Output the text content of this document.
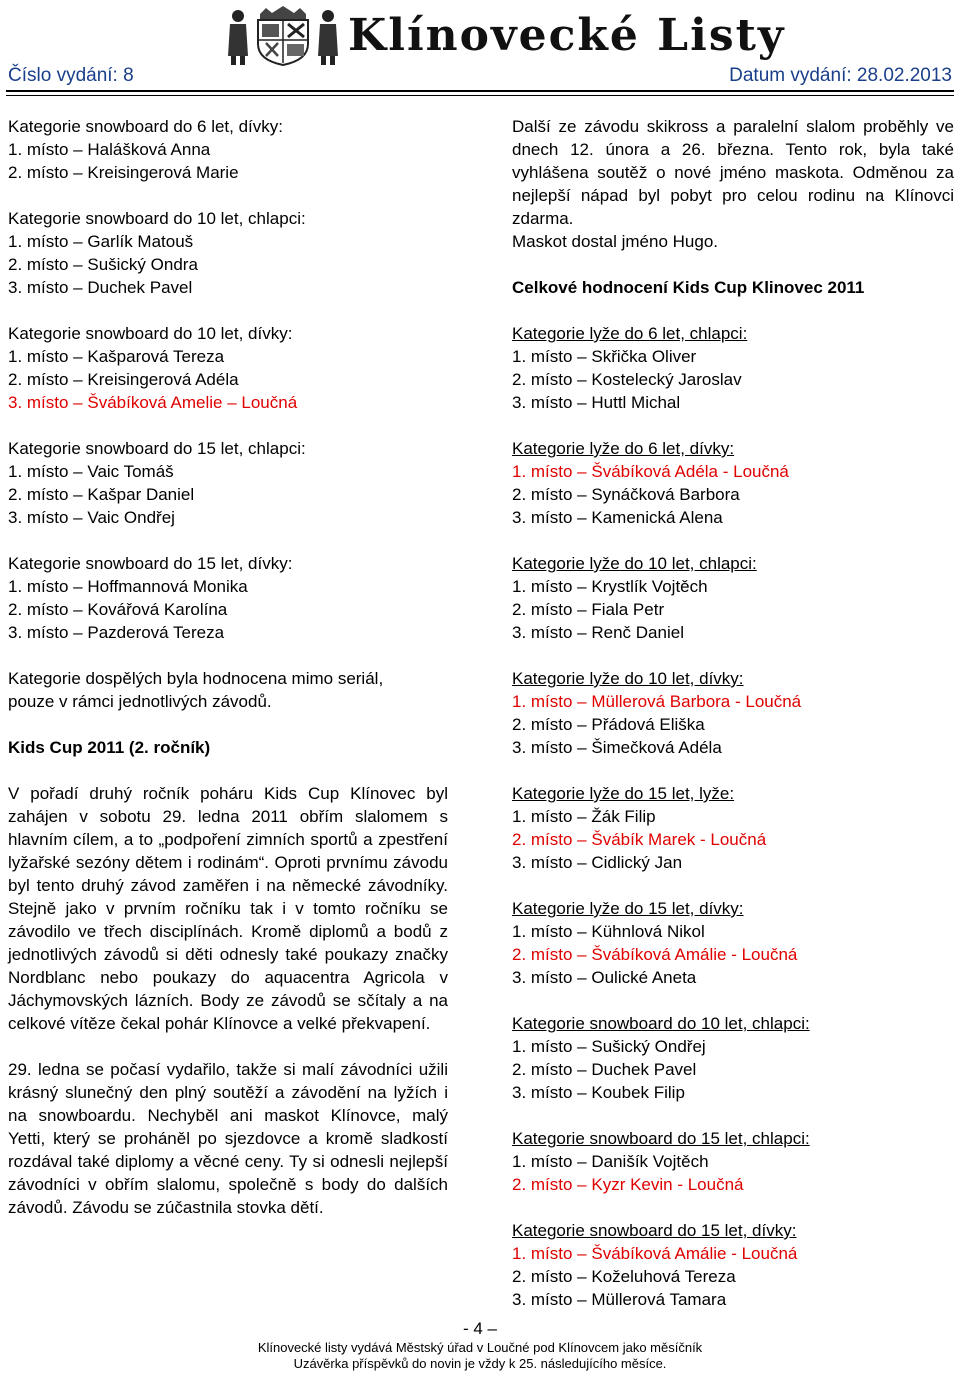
Klínovecké Listy
Číslo vydání: 8	Datum vydání: 28.02.2013
Kategorie snowboard do 6 let, dívky:
1. místo – Halášková Anna
2. místo – Kreisingerová Marie
Kategorie snowboard do 10 let, chlapci:
1. místo – Garlík Matouš
2. místo – Sušický Ondra
3. místo – Duchek Pavel
Kategorie snowboard do 10 let, dívky:
1. místo – Kašparová Tereza
2. místo – Kreisingerová Adéla
3. místo – Švábíková Amelie – Loučná
Kategorie snowboard do 15 let, chlapci:
1. místo – Vaic Tomáš
2. místo – Kašpar Daniel
3. místo – Vaic Ondřej
Kategorie snowboard do 15 let, dívky:
1. místo – Hoffmannová Monika
2. místo – Kovářová Karolína
3. místo – Pazderová Tereza
Kategorie dospělých byla hodnocena mimo seriál,
pouze v rámci jednotlivých závodů.
Kids Cup 2011 (2. ročník)
V pořadí druhý ročník poháru Kids Cup Klínovec byl zahájen v sobotu 29. ledna 2011 obřím slalomem s hlavním cílem, a to „podpoření zimních sportů a zpestření lyžařské sezóny dětem i rodinám“. Oproti prvnímu závodu byl tento druhý závod zaměřen i na německé závodníky. Stejně jako v prvním ročníku tak i v tomto ročníku se závodilo ve třech disciplínách. Kromě diplomů a bodů z jednotlivých závodů si děti odnesly také poukazy značky Nordblanc nebo poukazy do aquacentra Agricola v Jáchymovských lázních. Body ze závodů se sčítaly a na celkové vítěze čekal pohár Klínovce a velké překvapení.
29. ledna se počasí vydařilo, takže si malí závodníci užili krásný slunečný den plný soutěží a závodění na lyžích i na snowboardu. Nechyběl ani maskot Klínovce, malý Yetti, který se proháněl po sjezdovce a kromě sladkostí rozdával také diplomy a věcné ceny. Ty si odnesli nejlepší závodníci v obřím slalomu, společně s body do dalších závodů. Závodu se zúčastnila stovka dětí.
Další ze závodu skikross a paralelní slalom proběhly ve dnech 12. února a 26. března. Tento rok, byla také vyhlášena soutěž o nové jméno maskota. Odměnou za nejlepší nápad byl pobyt pro celou rodinu na Klínovci zdarma.
Maskot dostal jméno Hugo.
Celkové hodnocení Kids Cup Klinovec 2011
Kategorie lyže do 6 let, chlapci:
1. místo – Skřička Oliver
2. místo – Kostelecký Jaroslav
3. místo – Huttl Michal
Kategorie lyže do 6 let, dívky:
1. místo – Švábíková Adéla - Loučná
2. místo – Synáčková Barbora
3. místo – Kamenická Alena
Kategorie lyže do 10 let, chlapci:
1. místo – Krystlík Vojtěch
2. místo – Fiala Petr
3. místo – Renč Daniel
Kategorie lyže do 10 let, dívky:
1. místo – Müllerová Barbora - Loučná
2. místo – Přádová Eliška
3. místo – Šimečková Adéla
Kategorie lyže do 15 let, lyže:
1. místo – Žák Filip
2. místo – Švábík Marek - Loučná
3. místo – Cidlický Jan
Kategorie lyže do 15 let, dívky:
1. místo – Kühnlová Nikol
2. místo – Švábíková Amálie - Loučná
3. místo – Oulické Aneta
Kategorie snowboard do 10 let, chlapci:
1. místo – Sušický Ondřej
2. místo – Duchek Pavel
3. místo – Koubek Filip
Kategorie snowboard do 15 let, chlapci:
1. místo – Danišík Vojtěch
2. místo – Kyzr Kevin - Loučná
Kategorie snowboard do 15 let, dívky:
1. místo – Švábíková Amálie - Loučná
2. místo – Koželuhová Tereza
3. místo – Müllerová Tamara
- 4 –
Klínovecké listy vydává Městský úřad v Loučné pod Klínovcem jako měsíčník
Uzávěrka příspěvků do novin je vždy k 25. následujícího měsíce.
